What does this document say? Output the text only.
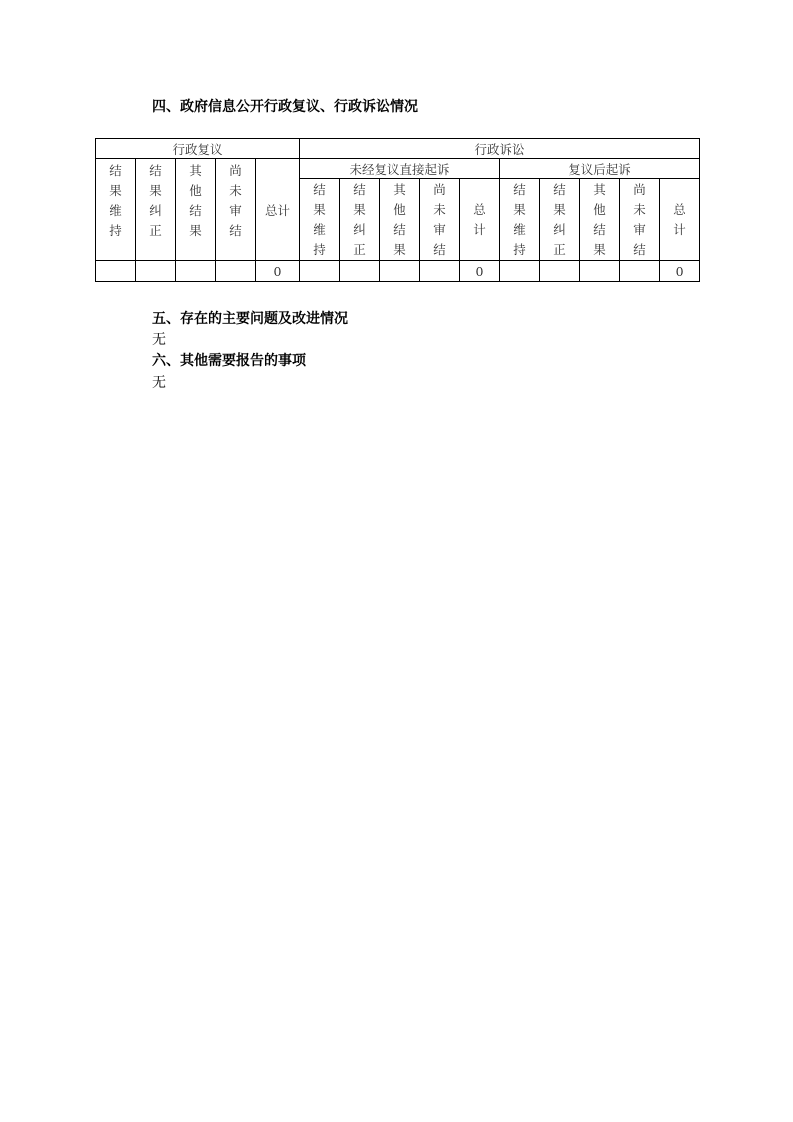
四、政府信息公开行政复议、行政诉讼情况
行政复议					行政诉讼									
结果维持	结果纠正	其他结果	尚未审结	总计	未经复议直接起诉					复议后起诉				
					结果维持	结果纠正	其他结果	尚未审结	总计	结果维持	结果纠正	其他结果	尚未审结	总计
				0					0					0
五、存在的主要问题及改进情况
无
六、其他需要报告的事项
无
